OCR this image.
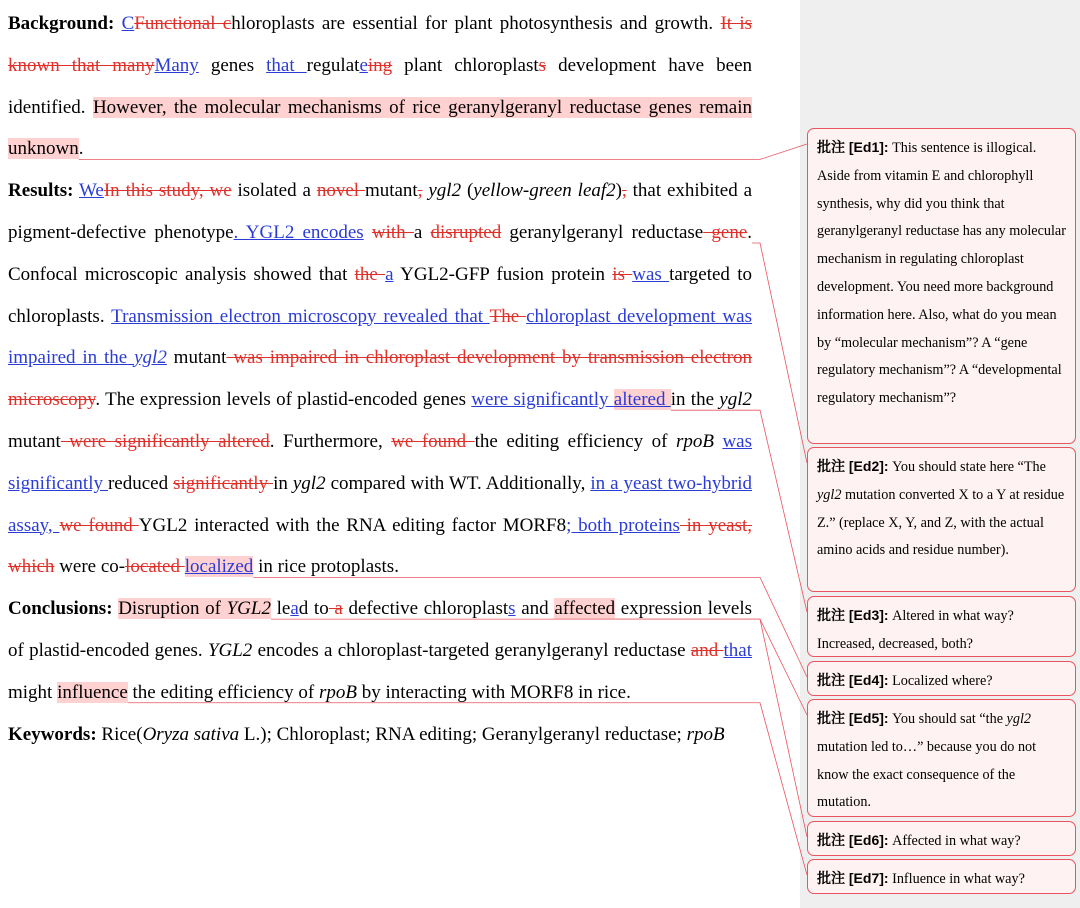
Background: CFunctional chloroplasts are essential for plant photosynthesis and growth. It is known that manyMany genes that regulateing plant chloroplasts development have been identified. However, the molecular mechanisms of rice geranylgeranyl reductase genes remain unknown.

Results: WeIn this study, we isolated a novel mutant, ygl2 (yellow-green leaf2), that exhibited a pigment-defective phenotype. YGL2 encodes with a disrupted geranylgeranyl reductase gene. Confocal microscopic analysis showed that the a YGL2-GFP fusion protein is was targeted to chloroplasts. Transmission electron microscopy revealed that The chloroplast development was impaired in the ygl2 mutant was impaired in chloroplast development by transmission electron microscopy. The expression levels of plastid-encoded genes were significantly altered in the ygl2 mutant were significantly altered. Furthermore, we found the editing efficiency of rpoB was significantly reduced significantly in ygl2 compared with WT. Additionally, in a yeast two-hybrid assay, we found YGL2 interacted with the RNA editing factor MORF8; both proteins in yeast, which were co-located localized in rice protoplasts.

Conclusions: Disruption of YGL2 lead to a defective chloroplasts and affected expression levels of plastid-encoded genes. YGL2 encodes a chloroplast-targeted geranylgeranyl reductase and that might influence the editing efficiency of rpoB by interacting with MORF8 in rice.

Keywords: Rice(Oryza sativa L.); Chloroplast; RNA editing; Geranylgeranyl reductase; rpoB

批注 [Ed1]: This sentence is illogical. Aside from vitamin E and chlorophyll synthesis, why did you think that geranylgeranyl reductase has any molecular mechanism in regulating chloroplast development. You need more background information here. Also, what do you mean by “molecular mechanism”? A “gene regulatory mechanism”? A “developmental regulatory mechanism”?
批注 [Ed2]: You should state here “The ygl2 mutation converted X to a Y at residue Z.” (replace X, Y, and Z, with the actual amino acids and residue number).
批注 [Ed3]: Altered in what way? Increased, decreased, both?
批注 [Ed4]: Localized where?
批注 [Ed5]: You should sat “the ygl2 mutation led to…” because you do not know the exact consequence of the mutation.
批注 [Ed6]: Affected in what way?
批注 [Ed7]: Influence in what way?
